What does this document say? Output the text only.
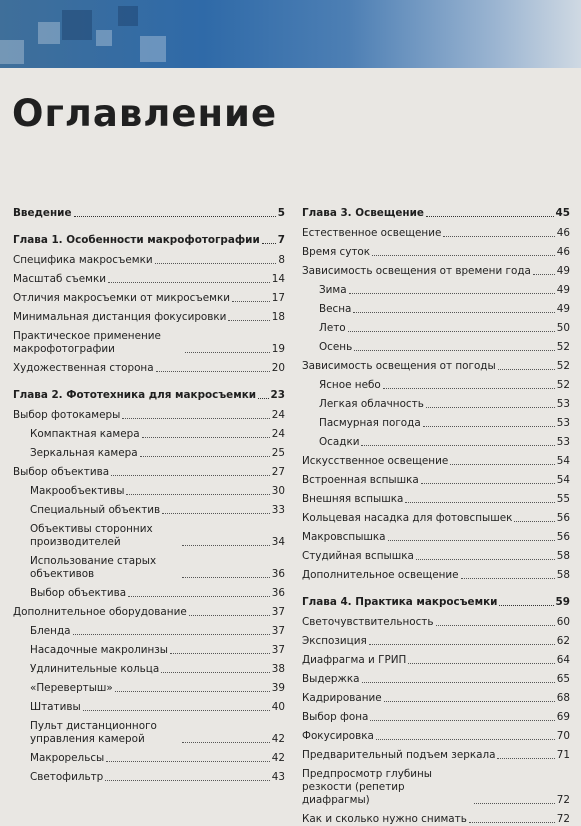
Оглавление
Введение	5
Глава 1. Особенности макрофотографии 7
Специфика макросъемки	8
Масштаб съемки	14
Отличия макросъемки от микросъемки	17
Минимальная дистанция фокусировки	18
Практическое применение макрофотографии	19
Художественная сторона	20
Глава 2. Фототехника для макросъемки 23
Выбор фотокамеры	24
Компактная камера	24
Зеркальная камера	25
Выбор объектива	27
Макрообъективы	30
Специальный объектив	33
Объективы сторонних производителей	34
Использование старых объективов	36
Выбор объектива	36
Дополнительное оборудование	37
Бленда	37
Насадочные макролинзы	37
Удлинительные кольца	38
«Перевертыш»	39
Штативы	40
Пульт дистанционного управления камерой	42
Макрорельсы	42
Светофильтр	43
Глава 3. Освещение	45
Естественное освещение	46
Время суток	46
Зависимость освещения от времени года 49
Зима	49
Весна	49
Лето	50
Осень	52
Зависимость освещения от погоды	52
Ясное небо	52
Легкая облачность	53
Пасмурная погода	53
Осадки	53
Искусственное освещение	54
Встроенная вспышка	54
Внешняя вспышка	55
Кольцевая насадка для фотовспышек	56
Макровспышка	56
Студийная вспышка	58
Дополнительное освещение	58
Глава 4. Практика макросъемки	59
Светочувствительность	60
Экспозиция	62
Диафрагма и ГРИП	64
Выдержка	65
Кадрирование	68
Выбор фона	69
Фокусировка	70
Предварительный подъем зеркала	71
Предпросмотр глубины резкости (репетир диафрагмы)	72
Как и сколько нужно снимать	72
